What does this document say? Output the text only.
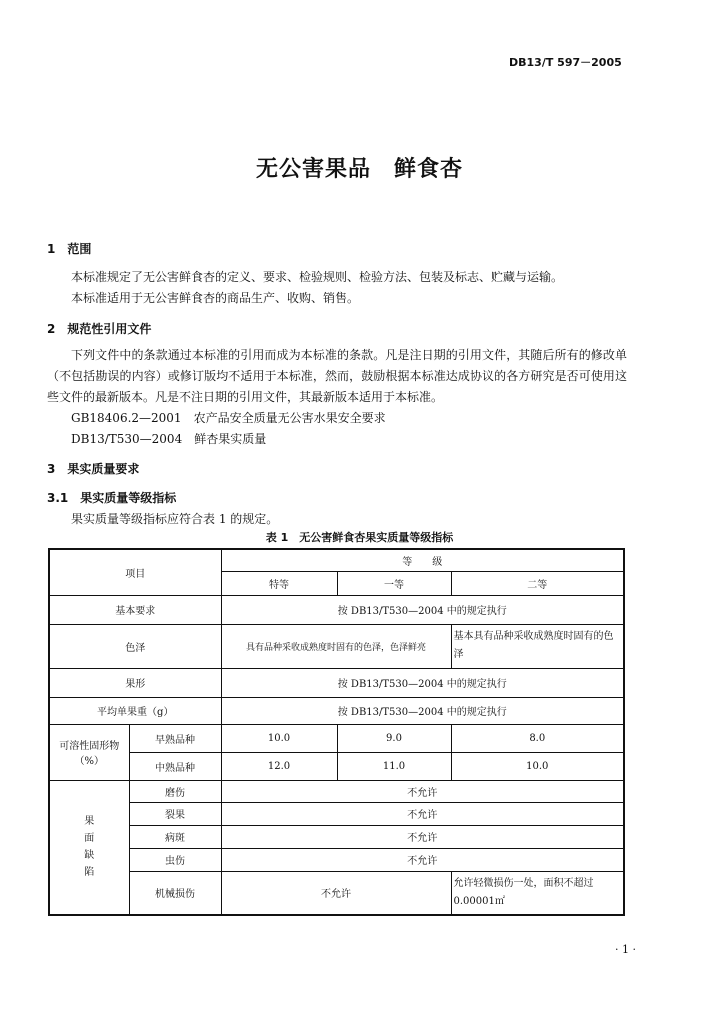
DB13/T 597－2005
无公害果品　鲜食杏
1　范围
本标准规定了无公害鲜食杏的定义、要求、检验规则、检验方法、包装及标志、贮藏与运输。
本标准适用于无公害鲜食杏的商品生产、收购、销售。
2　规范性引用文件
下列文件中的条款通过本标准的引用而成为本标准的条款。凡是注日期的引用文件，其随后所有的修改单（不包括勘误的内容）或修订版均不适用于本标准，然而，鼓励根据本标准达成协议的各方研究是否可使用这些文件的最新版本。凡是不注日期的引用文件，其最新版本适用于本标准。
GB18406.2—2001　农产品安全质量无公害水果安全要求
DB13/T530—2004　鲜杏果实质量
3　果实质量要求
3.1　果实质量等级指标
果实质量等级指标应符合表 1 的规定。
表 1　无公害鲜食杏果实质量等级指标
项目		等　　级		
		特等	一等	二等
基本要求		按 DB13/T530—2004 中的规定执行		
色泽		具有品种采收成熟度时固有的色泽，色泽鲜亮		基本具有品种采收成熟度时固有的色泽
果形		按 DB13/T530—2004 中的规定执行		
平均单果重（g）		按 DB13/T530—2004 中的规定执行		

可溶性固形物
（%）	早熟品种	10.0	9.0	8.0
	中熟品种	12.0	11.0	10.0

果
面
缺
陷	磨伤	不允许		
	裂果	不允许		
	病斑	不允许		
	虫伤	不允许		
	机械损伤	不允许		允许轻微损伤一处，面积不超过 0.00001㎡
· 1 ·
